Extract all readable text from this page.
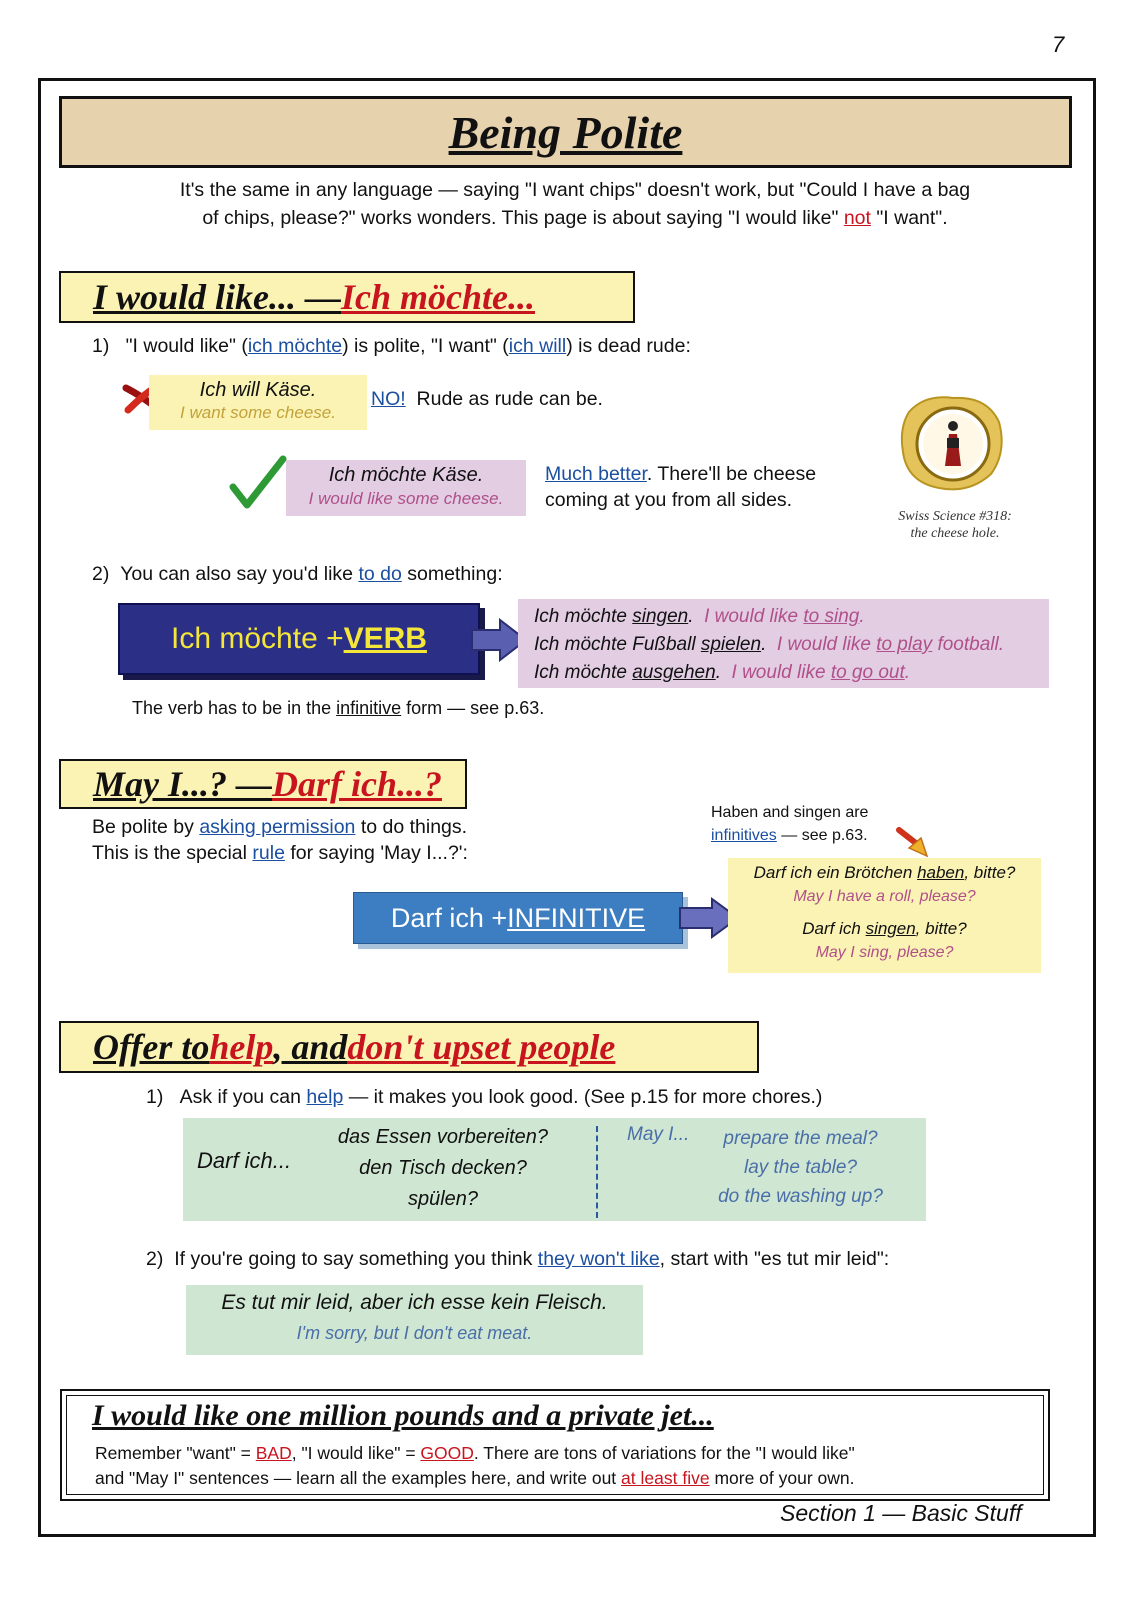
7
Being Polite
It's the same in any language — saying "I want chips" doesn't work, but "Could I have a bag
of chips, please?" works wonders. This page is about saying "I would like" not "I want".
I would like... — Ich möchte...
1) "I would like" (ich möchte) is polite, "I want" (ich will) is dead rude:
Ich will Käse.
I want some cheese.
NO! Rude as rude can be.
Ich möchte Käse.
I would like some cheese.
Much better. There'll be cheese
coming at you from all sides.
Swiss Science #318:
the cheese hole.
2) You can also say you'd like to do something:
Ich möchte + VERB
Ich möchte singen. I would like to sing.
Ich möchte Fußball spielen. I would like to play football.
Ich möchte ausgehen. I would like to go out.
The verb has to be in the infinitive form — see p.63.
May I...? — Darf ich...?
Be polite by asking permission to do things.
This is the special rule for saying 'May I...?':
Haben and singen are
infinitives — see p.63.
Darf ich + INFINITIVE
Darf ich ein Brötchen haben, bitte?
May I have a roll, please?
Darf ich singen, bitte?
May I sing, please?
Offer to help , and don't upset people
1) Ask if you can help — it makes you look good. (See p.15 for more chores.)
Darf ich...
das Essen vorbereiten?
den Tisch decken?
spülen?
May I...	prepare the meal?
lay the table?
do the washing up?
2) If you're going to say something you think they won't like, start with "es tut mir leid":
Es tut mir leid, aber ich esse kein Fleisch.
I'm sorry, but I don't eat meat.
I would like one million pounds and a private jet...
Remember "want" = BAD, "I would like" = GOOD. There are tons of variations for the "I would like"
and "May I" sentences — learn all the examples here, and write out at least five more of your own.
Section 1 — Basic Stuff
